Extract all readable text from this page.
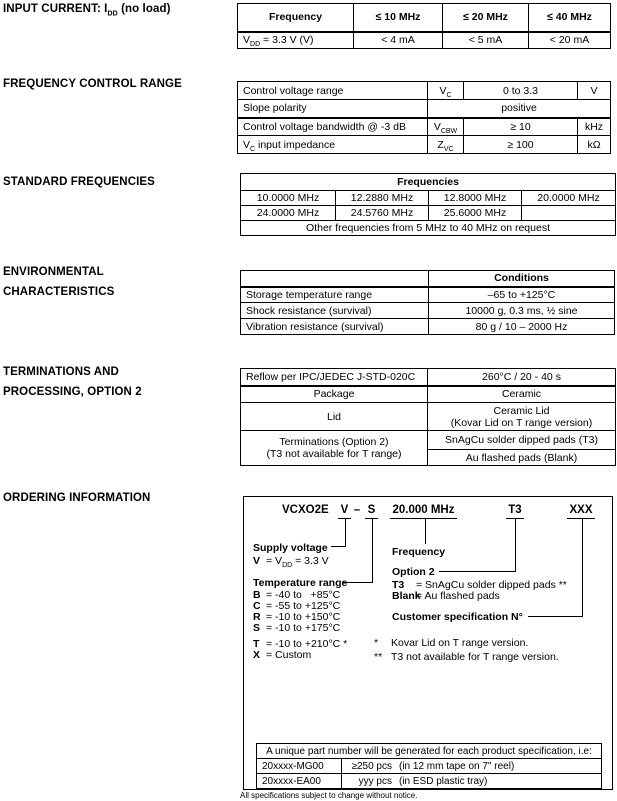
INPUT CURRENT: $I_{DD}$ (no load)
FREQUENCY CONTROL RANGE
STANDARD FREQUENCIES
ENVIRONMENTAL
CHARACTERISTICS
TERMINATIONS AND
PROCESSING, OPTION 2
ORDERING INFORMATION
Frequency	≤ 10 MHz	≤ 20 MHz	≤ 40 MHz
$V_{DD} = 3.3$ V (V)	< 4 mA	< 5 mA	< 20 mA
Control voltage range	$V_C$	0 to 3.3	V
Slope polarity	positive		
Control voltage bandwidth @ -3 dB	$V_{CBW}$	≥ 10	kHz
$V_C$ input impedance	$Z_{VC}$	≥ 100	kΩ
Frequencies			
10.0000 MHz	12.2880 MHz	12.8000 MHz	20.0000 MHz
24.0000 MHz	24.5760 MHz	25.6000 MHz	
Other frequencies from 5 MHz to 40 MHz on request			
	Conditions
Storage temperature range	–65 to +125°C
Shock resistance (survival)	10000 g, 0.3 ms, ½ sine
Vibration resistance (survival)	80 g / 10 – 2000 Hz
Reflow per IPC/JEDEC J-STD-020C	260°C / 20 - 40 s
Package	Ceramic
Lid	Ceramic Lid
(Kovar Lid on T range version)

Terminations (Option 2)
(T3 not available for T range)	SnAgCu solder dipped pads (T3)
	Au flashed pads (Blank)
VCXO2E V – S 20.000 MHz	T3	XXX
Supply voltage
$V = V_{DD} = 3.3$ V
Temperature range
B = -40 to   +85°C
C = -55 to +125°C
R = -10 to +150°C
S = -10 to +175°C
T = -10 to +210°C *
X = Custom
Frequency
Option 2
T3 = SnAgCu solder dipped pads **
Blank= Au flashed pads
Customer specification N°
* Kovar Lid on T range version.
** T3 not available for T range version.
A unique part number will be generated for each product specification, i.e:	
20xxxx-MG00	≥250 pcs (in 12 mm tape on 7" reel)
20xxxx-EA00	yyy pcs (in ESD plastic tray)
All specifications subject to change without notice.
